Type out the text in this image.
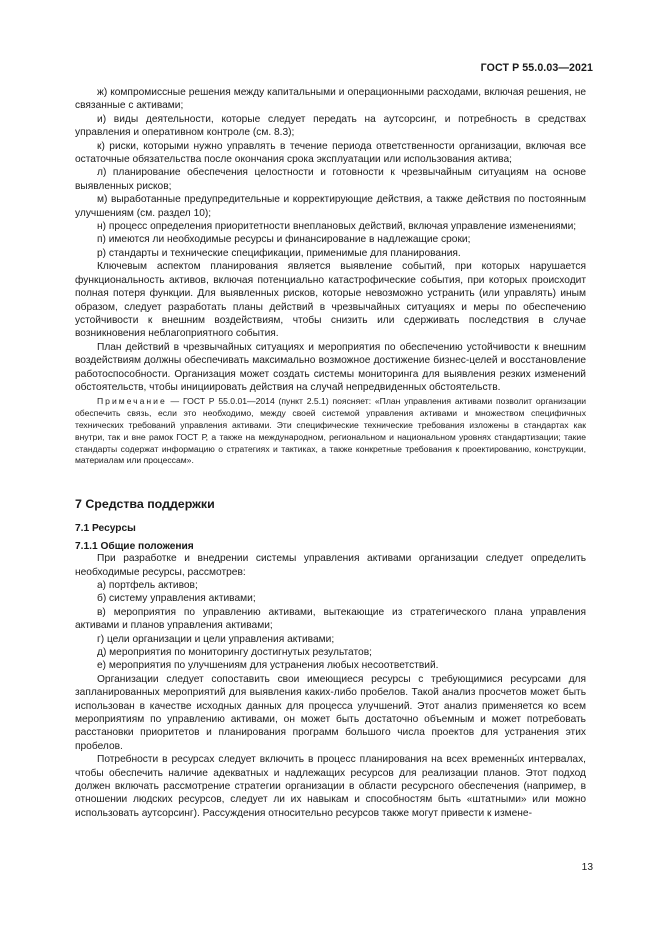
ГОСТ Р 55.0.03—2021

ж) компромиссные решения между капитальными и операционными расходами, включая решения, не связанные с активами;

и) виды деятельности, которые следует передать на аутсорсинг, и потребность в средствах управления и оперативном контроле (см. 8.3);

к) риски, которыми нужно управлять в течение периода ответственности организации, включая все остаточные обязательства после окончания срока эксплуатации или использования актива;

л) планирование обеспечения целостности и готовности к чрезвычайным ситуациям на основе выявленных рисков;

м) выработанные предупредительные и корректирующие действия, а также действия по постоянным улучшениям (см. раздел 10);

н) процесс определения приоритетности внеплановых действий, включая управление изменениями;

п) имеются ли необходимые ресурсы и финансирование в надлежащие сроки;

р) стандарты и технические спецификации, применимые для планирования.

Ключевым аспектом планирования является выявление событий, при которых нарушается функциональность активов, включая потенциально катастрофические события, при которых происходит полная потеря функции. Для выявленных рисков, которые невозможно устранить (или управлять) иным образом, следует разработать планы действий в чрезвычайных ситуациях и меры по обеспечению устойчивости к внешним воздействиям, чтобы снизить или сдерживать последствия в случае возникновения неблагоприятного события.

План действий в чрезвычайных ситуациях и мероприятия по обеспечению устойчивости к внешним воздействиям должны обеспечивать максимально возможное достижение бизнес-целей и восстановление работоспособности. Организация может создать системы мониторинга для выявления резких изменений обстоятельств, чтобы инициировать действия на случай непредвиденных обстоятельств.

Примечание — ГОСТ Р 55.0.01—2014 (пункт 2.5.1) поясняет: «План управления активами позволит организации обеспечить связь, если это необходимо, между своей системой управления активами и множеством специфичных технических требований управления активами. Эти специфические технические требования изложены в стандартах как внутри, так и вне рамок ГОСТ Р, а также на международном, региональном и национальном уровнях стандартизации; такие стандарты содержат информацию о стратегиях и тактиках, а также конкретные требования к проектированию, конструкции, материалам или процессам».

7 Средства поддержки
7.1 Ресурсы
7.1.1 Общие положения

При разработке и внедрении системы управления активами организации следует определить необходимые ресурсы, рассмотрев:

а) портфель активов;

б) систему управления активами;

в) мероприятия по управлению активами, вытекающие из стратегического плана управления активами и планов управления активами;

г) цели организации и цели управления активами;

д) мероприятия по мониторингу достигнутых результатов;

е) мероприятия по улучшениям для устранения любых несоответствий.

Организации следует сопоставить свои имеющиеся ресурсы с требующимися ресурсами для запланированных мероприятий для выявления каких-либо пробелов. Такой анализ просчетов может быть использован в качестве исходных данных для процесса улучшений. Этот анализ применяется ко всем мероприятиям по управлению активами, он может быть достаточно объемным и может потребовать расстановки приоритетов и планирования программ большого числа проектов для устранения этих пробелов.

Потребности в ресурсах следует включить в процесс планирования на всех временны́х интервалах, чтобы обеспечить наличие адекватных и надлежащих ресурсов для реализации планов. Этот подход должен включать рассмотрение стратегии организации в области ресурсного обеспечения (например, в отношении людских ресурсов, следует ли их навыкам и способностям быть «штатными» или можно использовать аутсорсинг). Рассуждения относительно ресурсов также могут привести к измене-

13
